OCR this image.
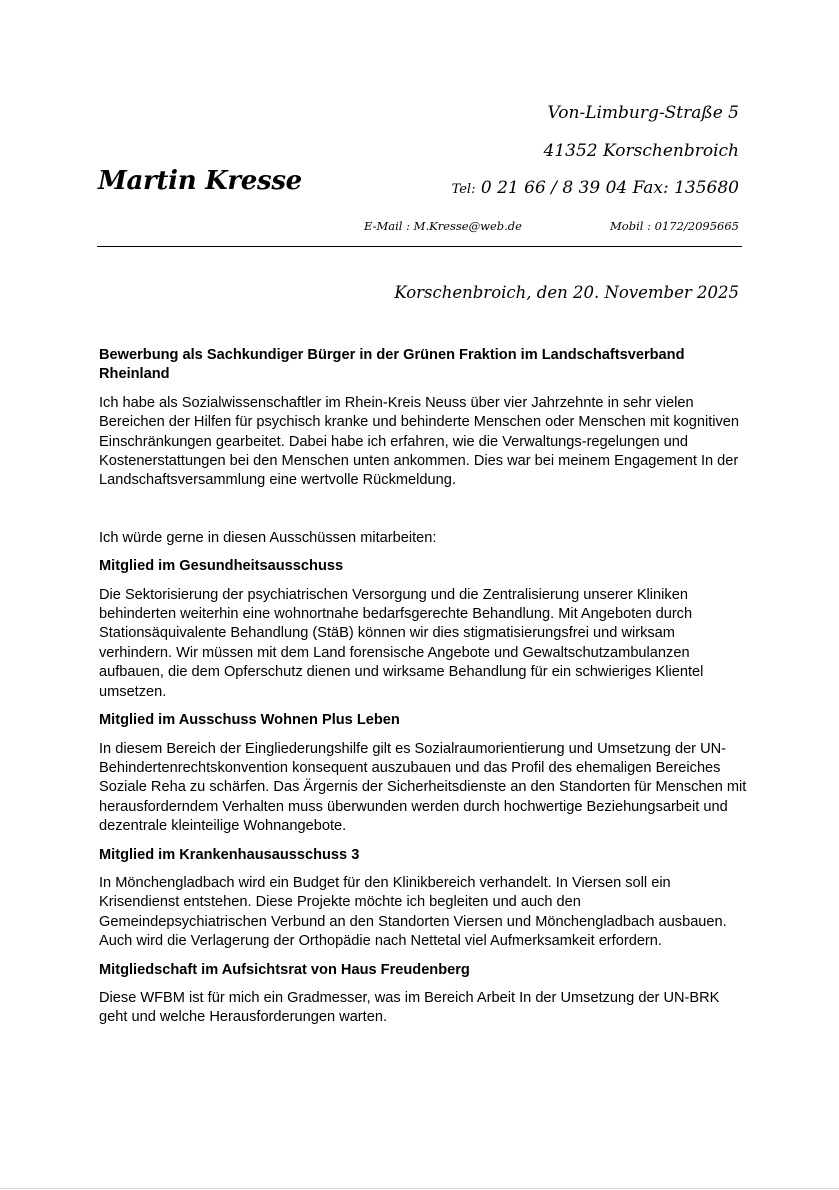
Von-Limburg-Straße 5
41352 Korschenbroich
Martin Kresse	Tel: 0 21 66 / 8 39 04 Fax: 135680
E-Mail : M.Kresse@web.de	Mobil : 0172/2095665
Korschenbroich, den 20. November 2025
Bewerbung als Sachkundiger Bürger in der Grünen Fraktion im Landschaftsverband Rheinland

Ich habe als Sozialwissenschaftler im Rhein-Kreis Neuss über vier Jahrzehnte in sehr vielen Bereichen der Hilfen für psychisch kranke und behinderte Menschen oder Menschen mit kognitiven Einschränkungen gearbeitet. Dabei habe ich erfahren, wie die Verwaltungs-regelungen und Kostenerstattungen bei den Menschen unten ankommen. Dies war bei meinem Engagement In der Landschaftsversammlung eine wertvolle Rückmeldung.

Ich würde gerne in diesen Ausschüssen mitarbeiten:

Mitglied im Gesundheitsausschuss

Die Sektorisierung der psychiatrischen Versorgung und die Zentralisierung unserer Kliniken behinderten weiterhin eine wohnortnahe bedarfsgerechte Behandlung. Mit Angeboten durch Stationsäquivalente Behandlung (StäB) können wir dies stigmatisierungsfrei und wirksam verhindern. Wir müssen mit dem Land forensische Angebote und Gewaltschutzambulanzen aufbauen, die dem Opferschutz dienen und wirksame Behandlung für ein schwieriges Klientel umsetzen.

Mitglied im Ausschuss Wohnen Plus Leben

In diesem Bereich der Eingliederungshilfe gilt es Sozialraumorientierung und Umsetzung der UN-Behindertenrechtskonvention konsequent auszubauen und das Profil des ehemaligen Bereiches Soziale Reha zu schärfen. Das Ärgernis der Sicherheitsdienste an den Standorten für Menschen mit herausforderndem Verhalten muss überwunden werden durch hochwertige Beziehungsarbeit und dezentrale kleinteilige Wohnangebote.

Mitglied im Krankenhausausschuss 3

In Mönchengladbach wird ein Budget für den Klinikbereich verhandelt. In Viersen soll ein Krisendienst entstehen. Diese Projekte möchte ich begleiten und auch den Gemeindepsychiatrischen Verbund an den Standorten Viersen und Mönchengladbach ausbauen. Auch wird die Verlagerung der Orthopädie nach Nettetal viel Aufmerksamkeit erfordern.

Mitgliedschaft im Aufsichtsrat von Haus Freudenberg

Diese WFBM ist für mich ein Gradmesser, was im Bereich Arbeit In der Umsetzung der UN-BRK geht und welche Herausforderungen warten.
